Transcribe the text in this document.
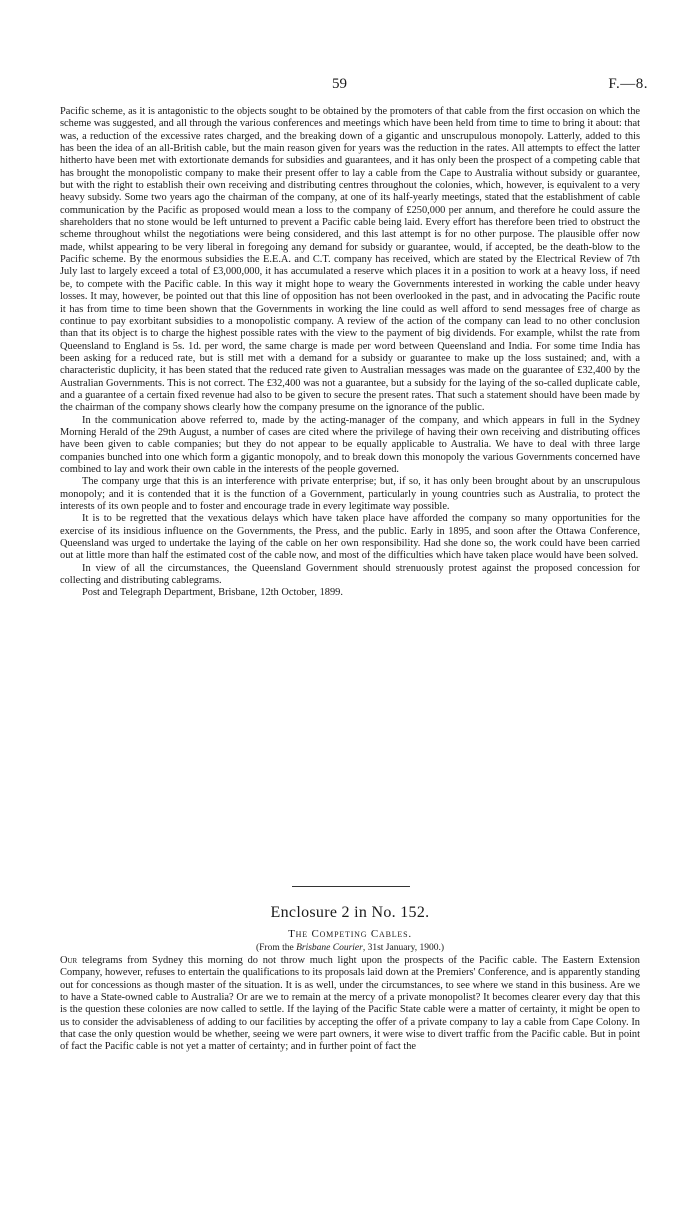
59	F.—8.

Pacific scheme, as it is antagonistic to the objects sought to be obtained by the promoters of that cable from the first occasion on which the scheme was suggested, and all through the various conferences and meetings which have been held from time to time to bring it about: that was, a reduction of the excessive rates charged, and the breaking down of a gigantic and unscrupulous monopoly. Latterly, added to this has been the idea of an all-British cable, but the main reason given for years was the reduction in the rates. All attempts to effect the latter hitherto have been met with extortionate demands for subsidies and guarantees, and it has only been the prospect of a competing cable that has brought the monopolistic company to make their present offer to lay a cable from the Cape to Australia without subsidy or guarantee, but with the right to establish their own receiving and distributing centres throughout the colonies, which, however, is equivalent to a very heavy subsidy. Some two years ago the chairman of the company, at one of its half-yearly meetings, stated that the establishment of cable communication by the Pacific as proposed would mean a loss to the company of £250,000 per annum, and therefore he could assure the shareholders that no stone would be left unturned to prevent a Pacific cable being laid. Every effort has therefore been tried to obstruct the scheme throughout whilst the negotiations were being considered, and this last attempt is for no other purpose. The plausible offer now made, whilst appearing to be very liberal in foregoing any demand for subsidy or guarantee, would, if accepted, be the death-blow to the Pacific scheme. By the enormous subsidies the E.E.A. and C.T. company has received, which are stated by the Electrical Review of 7th July last to largely exceed a total of £3,000,000, it has accumulated a reserve which places it in a position to work at a heavy loss, if need be, to compete with the Pacific cable. In this way it might hope to weary the Governments interested in working the cable under heavy losses. It may, however, be pointed out that this line of opposition has not been overlooked in the past, and in advocating the Pacific route it has from time to time been shown that the Governments in working the line could as well afford to send messages free of charge as continue to pay exorbitant subsidies to a monopolistic company. A review of the action of the company can lead to no other conclusion than that its object is to charge the highest possible rates with the view to the payment of big dividends. For example, whilst the rate from Queensland to England is 5s. 1d. per word, the same charge is made per word between Queensland and India. For some time India has been asking for a reduced rate, but is still met with a demand for a subsidy or guarantee to make up the loss sustained; and, with a characteristic duplicity, it has been stated that the reduced rate given to Australian messages was made on the guarantee of £32,400 by the Australian Governments. This is not correct. The £32,400 was not a guarantee, but a subsidy for the laying of the so-called duplicate cable, and a guarantee of a certain fixed revenue had also to be given to secure the present rates. That such a statement should have been made by the chairman of the company shows clearly how the company presume on the ignorance of the public.

In the communication above referred to, made by the acting-manager of the company, and which appears in full in the Sydney Morning Herald of the 29th August, a number of cases are cited where the privilege of having their own receiving and distributing offices have been given to cable companies; but they do not appear to be equally applicable to Australia. We have to deal with three large companies bunched into one which form a gigantic monopoly, and to break down this monopoly the various Governments concerned have combined to lay and work their own cable in the interests of the people governed.

The company urge that this is an interference with private enterprise; but, if so, it has only been brought about by an unscrupulous monopoly; and it is contended that it is the function of a Government, particularly in young countries such as Australia, to protect the interests of its own people and to foster and encourage trade in every legitimate way possible.

It is to be regretted that the vexatious delays which have taken place have afforded the company so many opportunities for the exercise of its insidious influence on the Governments, the Press, and the public. Early in 1895, and soon after the Ottawa Conference, Queensland was urged to undertake the laying of the cable on her own responsibility. Had she done so, the work could have been carried out at little more than half the estimated cost of the cable now, and most of the difficulties which have taken place would have been solved.

In view of all the circumstances, the Queensland Government should strenuously protest against the proposed concession for collecting and distributing cablegrams.

Post and Telegraph Department, Brisbane, 12th October, 1899.

Enclosure 2 in No. 152.

The Competing Cables.

(From the Brisbane Courier, 31st January, 1900.)

Our telegrams from Sydney this morning do not throw much light upon the prospects of the Pacific cable. The Eastern Extension Company, however, refuses to entertain the qualifications to its proposals laid down at the Premiers' Conference, and is apparently standing out for concessions as though master of the situation. It is as well, under the circumstances, to see where we stand in this business. Are we to have a State-owned cable to Australia? Or are we to remain at the mercy of a private monopolist? It becomes clearer every day that this is the question these colonies are now called to settle. If the laying of the Pacific State cable were a matter of certainty, it might be open to us to consider the advisableness of adding to our facilities by accepting the offer of a private company to lay a cable from Cape Colony. In that case the only question would be whether, seeing we were part owners, it were wise to divert traffic from the Pacific cable. But in point of fact the Pacific cable is not yet a matter of certainty; and in further point of fact the
